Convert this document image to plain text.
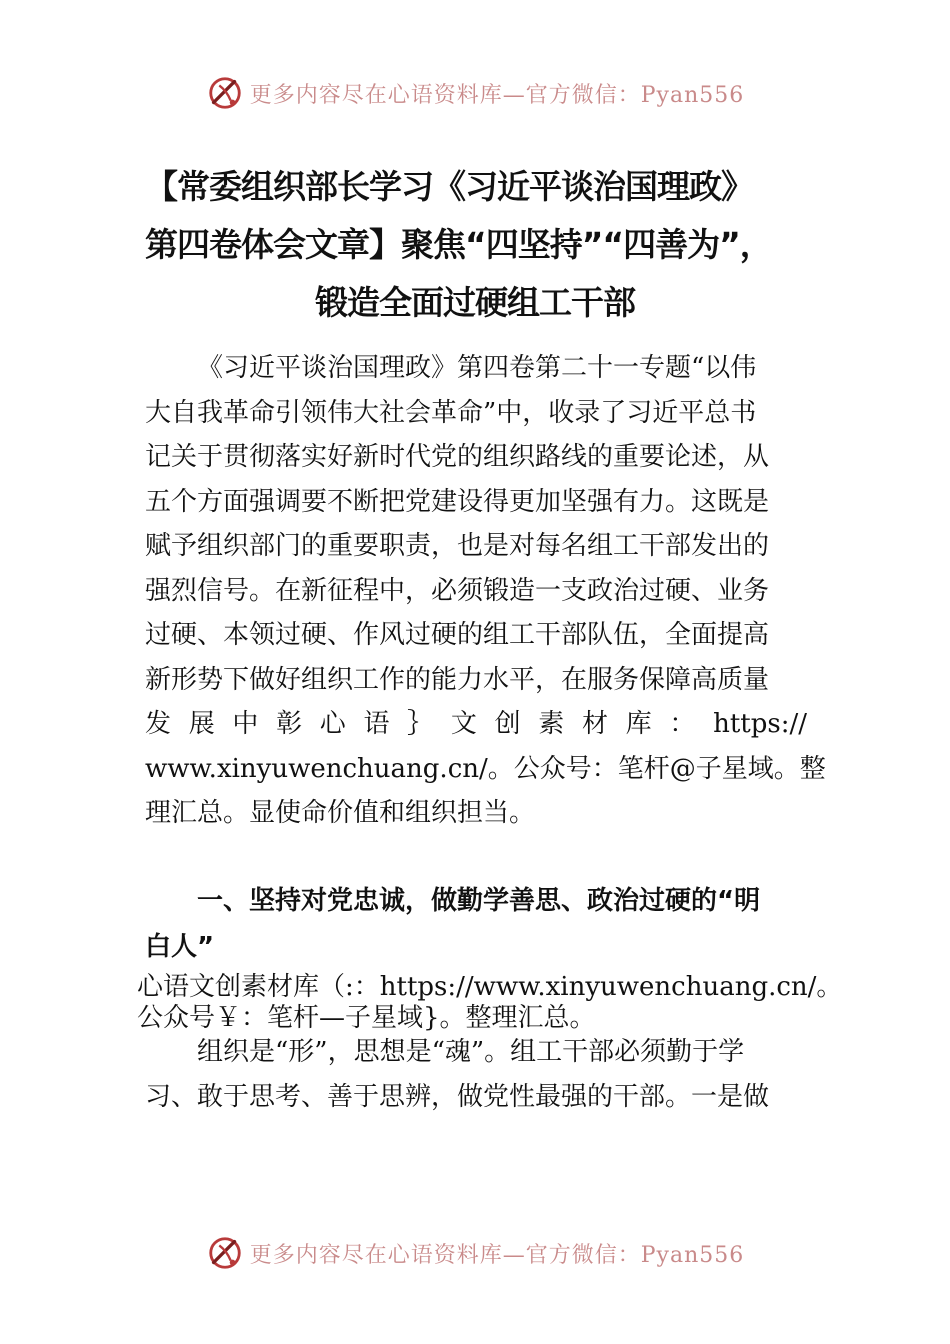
更多内容尽在心语资料库—官方微信：Pyan556
【常委组织部长学习《习近平谈治国理政》
第四卷体会文章】聚焦“四坚持”“四善为”，
锻造全面过硬组工干部
《习近平谈治国理政》第四卷第二十一专题“以伟
大自我革命引领伟大社会革命”中，收录了习近平总书
记关于贯彻落实好新时代党的组织路线的重要论述，从
五个方面强调要不断把党建设得更加坚强有力。这既是
赋予组织部门的重要职责，也是对每名组工干部发出的
强烈信号。在新征程中，必须锻造一支政治过硬、业务
过硬、本领过硬、作风过硬的组工干部队伍，全面提高
新形势下做好组织工作的能力水平，在服务保障高质量
发 展 中 彰 心 语 ｝ 文 创 素 材 库 ： https://
www.xinyuwenchuang.cn/。公众号：笔杆@子星域。整
理汇总。显使命价值和组织担当。
一、坚持对党忠诚，做勤学善思、政治过硬的“明
白人”
心语文创素材库（:：https://www.xinyuwenchuang.cn/。
公众号￥：笔杆—子星域}。整理汇总。
组织是“形”，思想是“魂”。组工干部必须勤于学
习、敢于思考、善于思辨，做党性最强的干部。一是做
更多内容尽在心语资料库—官方微信：Pyan556
